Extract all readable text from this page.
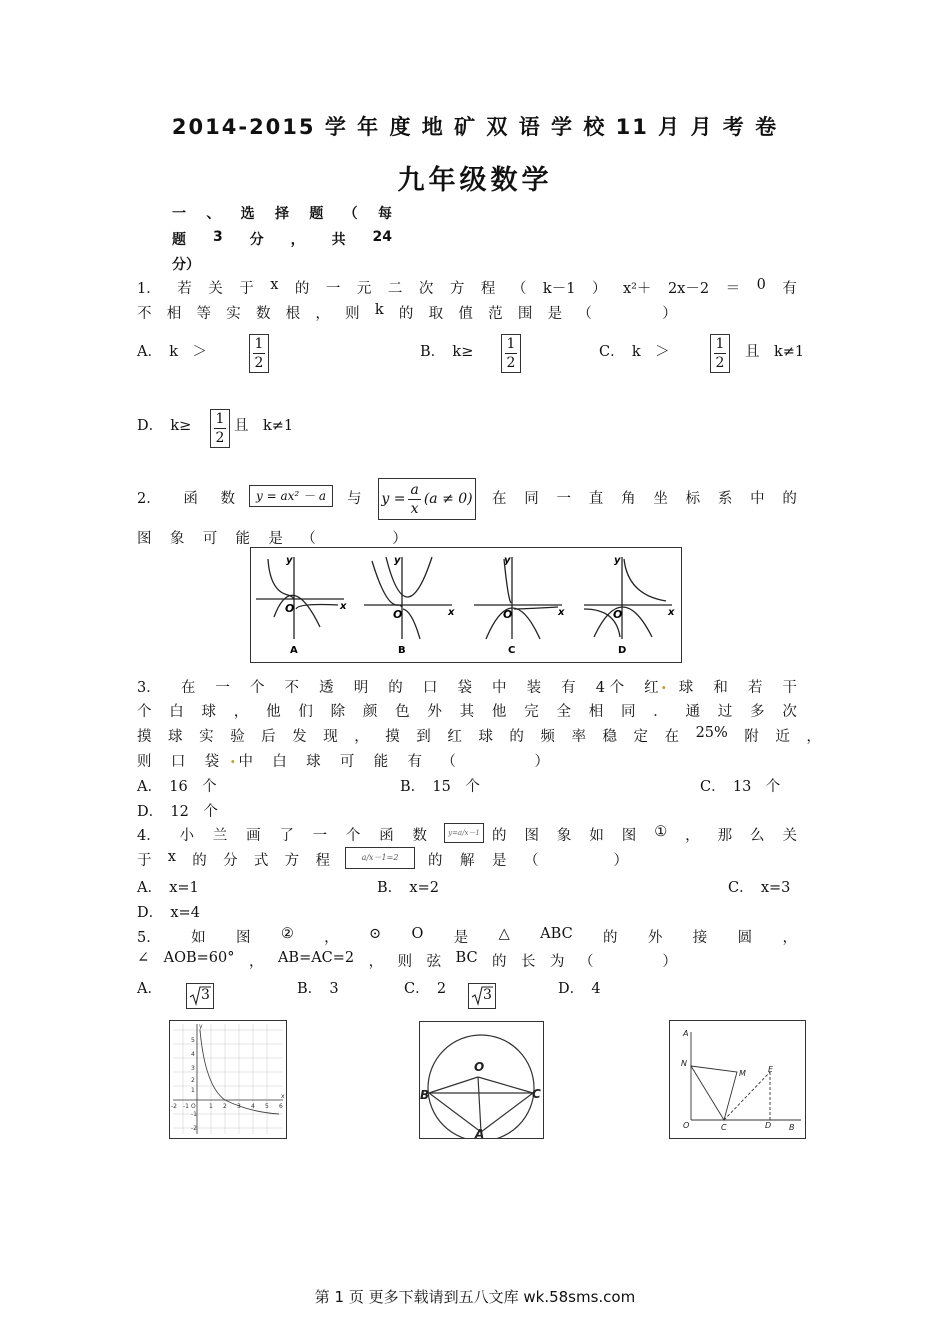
2014-2015 学 年 度 地 矿 双 语 学 校 11 月 月 考 卷
九年级数学
一 、 选 择 题 （ 每
题 3 分 ， 共 24
分 ）
1． 若 关 于 x 的 一 元 二 次 方 程 （ k－1 ） x²＋ 2x－2 ＝ 0 有
不 相 等 实 数 根 ， 则 k 的 取 值 范 围 是 （	）
A．　k　＞	$\frac{1}{2}$	B．　$k\ge \frac{1}{2}$	C．　k　＞	$\frac{1}{2}$ 且　k≠1
D．　$k\ge \frac{1}{2}$ 且　k≠1
2． 函 数	y = ax² － a	与 $y = \frac{a}{x} (a \ne 0)$ 在 同 一 直 角 坐 标 系 中 的
图 象 可 能 是 （	）
x
y
O
A
x
y
O
B
x
y
O
C
x
y
O
D
3． 在 一 个 不 透 明 的 口 袋 中 装 有 4 个 红 球 和 若 干
个 白 球 ， 他 们 除 颜 色 外 其 他 完 全 相 同 ． 通 过 多 次
摸 球 实 验 后 发 现 ， 摸 到 红 球 的 频 率 稳 定 在 25% 附 近 ，
则 口 袋 中 白 球 可 能 有 （	）
.
.
A．　16　个	B．　15　个	C．　13　个
D．　12　个
4． 小 兰 画 了 一 个 函 数	y=a/x－1 的 图 象 如 图 ① ， 那 么 关
于 x 的 分 式 方 程	a/x－1=2	的 解 是 （	）
A．　x=1	B．　x=2	C．　x=3
D．　x=4
5． 如 图 ② ， ⊙ O 是 △ ABC 的 外 接 圆 ，
∠ AOB=60° ， AB=AC=2 ， 则 弦 BC 的 长 为 （	）
A．	3	B．　3	C．　2	3	D．　4
5
4
3
2
1
-1
-2
-2 -1 O 1 2 3 4 5 6
y
x
O
B	C
A
A
N
M	E
O	C	D B
第 1 页 更多下载请到五八文库 wk.58sms.com
